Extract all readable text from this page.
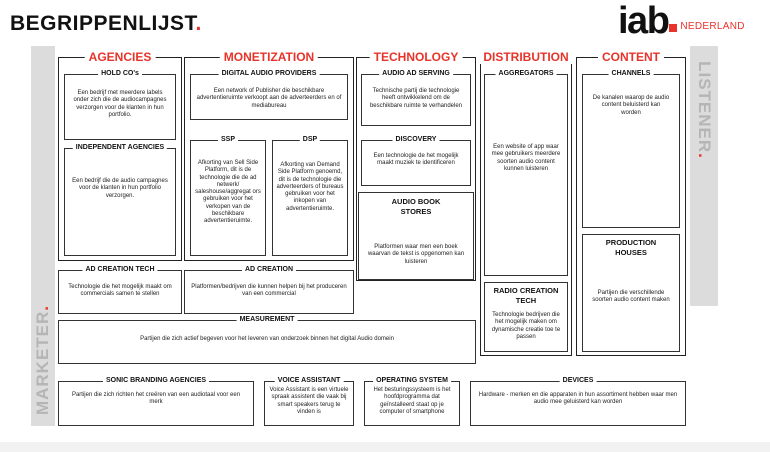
BEGRIPPENLIJST.	iab $^{NEDERLAND}$
MARKETER.
LISTENER.
AGENCIES	MONETIZATION	TECHNOLOGY	DISTRIBUTION	CONTENT
HOLD CO's
Een bedrijf met meerdere labels onder zich die de audiocampagnes verzorgen voor de klanten in hun portfolio.
INDEPENDENT AGENCIES
Een bedrijf die de audio campagnes voor de klanten in hun portfolio verzorgen.
DIGITAL AUDIO PROVIDERS
Een network of Publisher die beschikbare advertentieruimte verkoopt aan de adverteerders en of mediabureau
SSP
Afkorting van Sell Side Platform, dit is de technologie die de ad netwerk/ saleshouse/aggregat ors gebruiken voor het verkopen van de beschikbare advertentieruimte.
DSP
Afkorting van Demand Side Platform genoemd, dit is de technologie die adverteerders of bureaus gebruiken voor het inkopen van advertentieruimte.
AUDIO AD SERVING
Technische partij die technologie heeft ontwikkelend om de beschikbare ruimte te verhandelen
DISCOVERY
Een technologie de het mogelijk maakt muziek te identificeren
AUDIO BOOK STORES
Platformen waar men een boek waarvan de tekst is opgenomen kan luisteren
AGGREGATORS
Een website of app waar mee gebruikers meerdere soorten audio content kunnen luisteren
RADIO CREATION TECH
Technologie bedrijven die het mogelijk maken om dynamische creatie toe te passen
CHANNELS
De kanalen waarop de audio content beluisterd kan worden
PRODUCTION HOUSES
Partijen die verschillende soorten audio content maken
AD CREATION TECH
Technologie die het mogelijk maakt om commercials samen te stellen
AD CREATION
Platformen/bedrijven die kunnen helpen bij het produceren van een commercial
MEASUREMENT
Partijen die zich actief begeven voor het leveren van onderzoek binnen het digital Audio domein
SONIC BRANDING AGENCIES
Partijen die zich richten het creëren van een audiotaal voor een merk
VOICE ASSISTANT
Voice Assistant is een virtuele spraak assistent die vaak bij smart speakers terug te vinden is
OPERATING SYSTEM
Het besturingssysteem is het hoofdprogramma dat geïnstalleerd staat op je computer of smartphone
DEVICES
Hardware - merken en die apparaten in hun assortiment hebben waar men audio mee geluisterd kan worden
